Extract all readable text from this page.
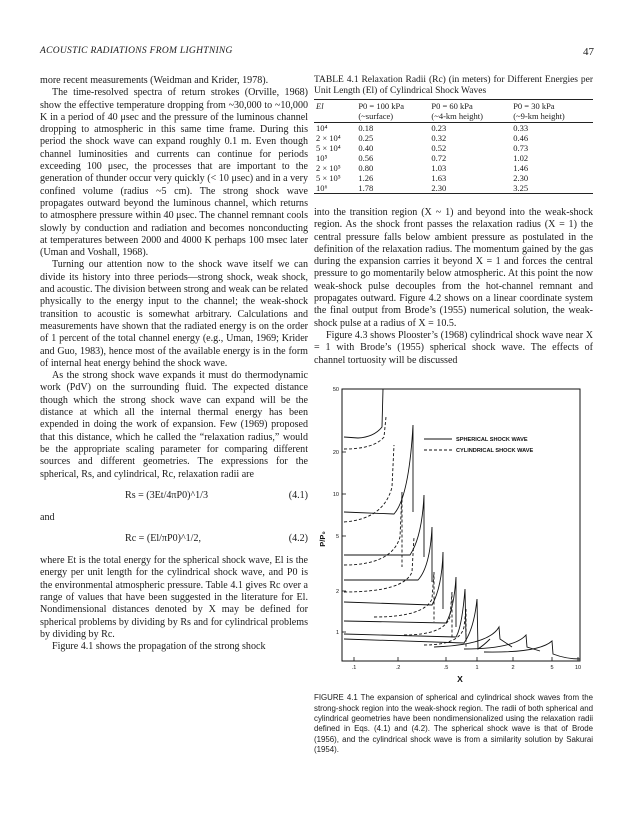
ACOUSTIC RADIATIONS FROM LIGHTNING	47

more recent measurements (Weidman and Krider, 1978).

The time-resolved spectra of return strokes (Orville, 1968) show the effective temperature dropping from ~30,000 to ~10,000 K in a period of 40 μsec and the pressure of the luminous channel dropping to atmospheric in this same time frame. During this period the shock wave can expand roughly 0.1 m. Even though channel luminosities and currents can continue for periods exceeding 100 μsec, the processes that are important to the generation of thunder occur very quickly (< 10 μsec) and in a very confined volume (radius ~5 cm). The strong shock wave propagates outward beyond the luminous channel, which returns to atmosphere pressure within 40 μsec. The channel remnant cools slowly by conduction and radiation and becomes nonconducting at temperatures between 2000 and 4000 K perhaps 100 msec later (Uman and Voshall, 1968).

Turning our attention now to the shock wave itself we can divide its history into three periods—strong shock, weak shock, and acoustic. The division between strong and weak can be related physically to the energy input to the channel; the weak-shock transition to acoustic is somewhat arbitrary. Calculations and measurements have shown that the radiated energy is on the order of 1 percent of the total channel energy (e.g., Uman, 1969; Krider and Guo, 1983), hence most of the available energy is in the form of internal heat energy behind the shock wave.

As the strong shock wave expands it must do thermodynamic work (PdV) on the surrounding fluid. The expected distance though which the strong shock wave can expand will be the distance at which all the internal thermal energy has been expended in doing the work of expansion. Few (1969) proposed that this distance, which he called the “relaxation radius,” would be the appropriate scaling parameter for comparing different sources and different geometries. The expressions for the spherical, Rs, and cylindrical, Rc, relaxation radii are

Rs = (3Et/4πP0)^1/3	(4.1)

and

Rc = (El/πP0)^1/2,	(4.2)

where Et is the total energy for the spherical shock wave, El is the energy per unit length for the cylindrical shock wave, and P0 is the environmental atmospheric pressure. Table 4.1 gives Rc over a range of values that have been suggested in the literature for El. Nondimensional distances denoted by X may be defined for spherical problems by dividing by Rs and for cylindrical problems by dividing by Rc.

Figure 4.1 shows the propagation of the strong shock

TABLE 4.1 Relaxation Radii (Rc) (in meters) for Different Energies per Unit Length (El) of Cylindrical Shock Waves
El	P0 = 100 kPa	P0 = 60 kPa	P0 = 30 kPa
	(~surface)	(~4-km height)	(~9-km height)
10⁴	0.18	0.23	0.33
2 × 10⁴	0.25	0.32	0.46
5 × 10⁴	0.40	0.52	0.73
10⁵	0.56	0.72	1.02
2 × 10⁵	0.80	1.03	1.46
5 × 10⁵	1.26	1.63	2.30
10⁶	1.78	2.30	3.25

into the transition region (X ~ 1) and beyond into the weak-shock region. As the shock front passes the relaxation radius (X = 1) the central pressure falls below ambient pressure as postulated in the definition of the relaxation radius. The momentum gained by the gas during the expansion carries it beyond X = 1 and forces the central pressure to go momentarily below atmospheric. At this point the now weak-shock pulse decouples from the hot-channel remnant and propagates outward. Figure 4.2 shows on a linear coordinate system the final output from Brode’s (1955) numerical solution, the weak-shock pulse at a radius of X = 10.5.

Figure 4.3 shows Plooster’s (1968) cylindrical shock wave near X = 1 with Brode’s (1955) spherical shock wave. The effects of channel tortuosity will be discussed

50
20
10
5
2
1
P/P₀
.1	.2	.5	1	2	5	10
X
SPHERICAL SHOCK WAVE
CYLINDRICAL SHOCK WAVE
FIGURE 4.1 The expansion of spherical and cylindrical shock waves from the strong-shock region into the weak-shock region. The radii of both spherical and cylindrical geometries have been nondimensionalized using the relaxation radii defined in Eqs. (4.1) and (4.2). The spherical shock wave is that of Brode (1956), and the cylindrical shock wave is from a similarity solution by Sakurai (1954).
